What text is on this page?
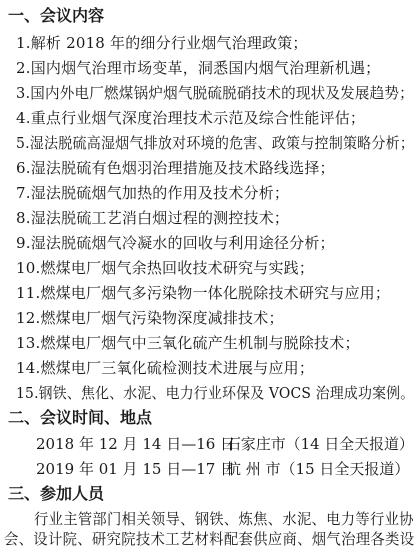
一、会议内容
1.解析 2018 年的细分行业烟气治理政策；
2.国内烟气治理市场变革，洞悉国内烟气治理新机遇；
3.国内外电厂燃煤锅炉烟气脱硫脱硝技术的现状及发展趋势；
4.重点行业烟气深度治理技术示范及综合性能评估；
5.湿法脱硫高湿烟气排放对环境的危害、政策与控制策略分析；
6.湿法脱硫有色烟羽治理措施及技术路线选择；
7.湿法脱硫烟气加热的作用及技术分析；
8.湿法脱硫工艺消白烟过程的测控技术；
9.湿法脱硫烟气冷凝水的回收与利用途径分析；
10.燃煤电厂烟气余热回收技术研究与实践；
11.燃煤电厂烟气多污染物一体化脱除技术研究与应用；
12.燃煤电厂烟气污染物深度减排技术；
13.燃煤电厂烟气中三氧化硫产生机制与脱除技术；
14.燃煤电厂三氧化硫检测技术进展与应用；
15.钢铁、焦化、水泥、电力行业环保及 VOCS 治理成功案例。
二、会议时间、地点
2018 年 12 月 14 日—16 日
石家庄市（14 日全天报道）
2019 年 01 月 15 日—17 日
杭 州 市（15 日全天报道）
三、参加人员
行业主管部门相关领导、钢铁、炼焦、水泥、电力等行业协
会、设计院、研究院技术工艺材料配套供应商、烟气治理各类设
